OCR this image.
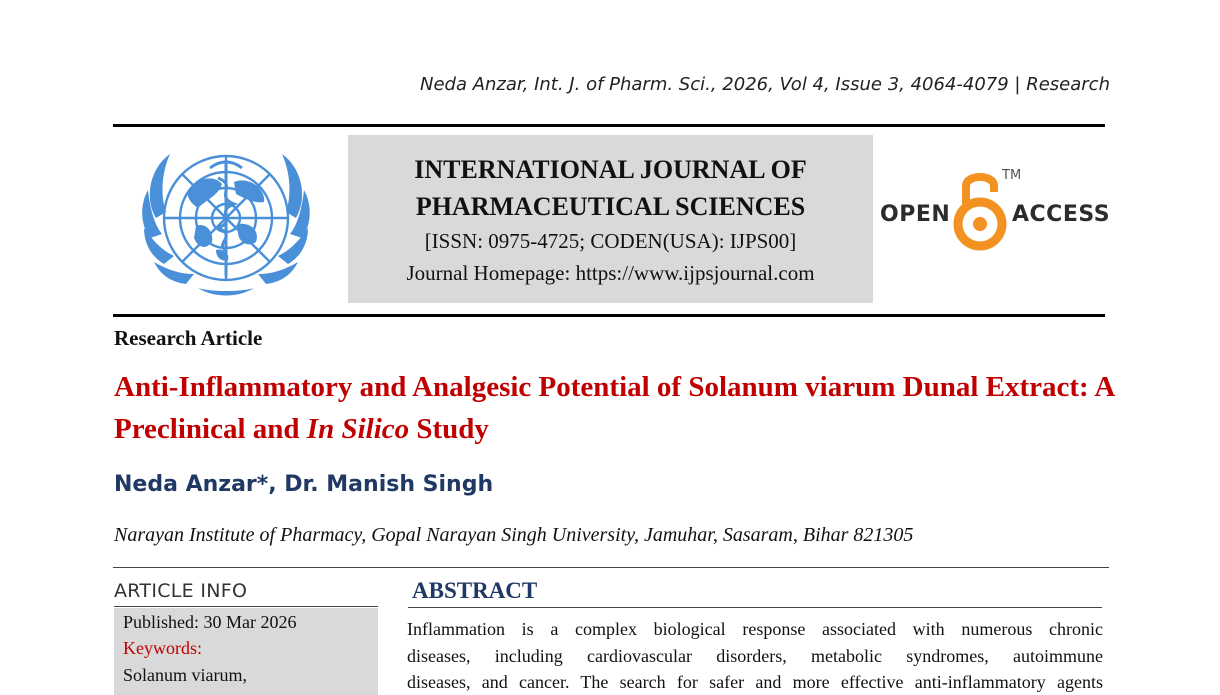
Neda Anzar, Int. J. of Pharm. Sci., 2026, Vol 4, Issue 3, 4064-4079 | Research
INTERNATIONAL JOURNAL OF
PHARMACEUTICAL SCIENCES
[ISSN: 0975-4725; CODEN(USA): IJPS00]
Journal Homepage: https://www.ijpsjournal.com
OPEN
TM
ACCESS
Research Article
Anti-Inflammatory and Analgesic Potential of Solanum viarum Dunal Extract: A Preclinical and In Silico Study
Neda Anzar*, Dr. Manish Singh
Narayan Institute of Pharmacy, Gopal Narayan Singh University, Jamuhar, Sasaram, Bihar 821305
ARTICLE INFO
Published: 30 Mar 2026
Keywords:
Solanum viarum,
ABSTRACT
Inflammation is a complex biological response associated with numerous chronic
diseases, including cardiovascular disorders, metabolic syndromes, autoimmune
diseases, and cancer. The search for safer and more effective anti-inflammatory agents
